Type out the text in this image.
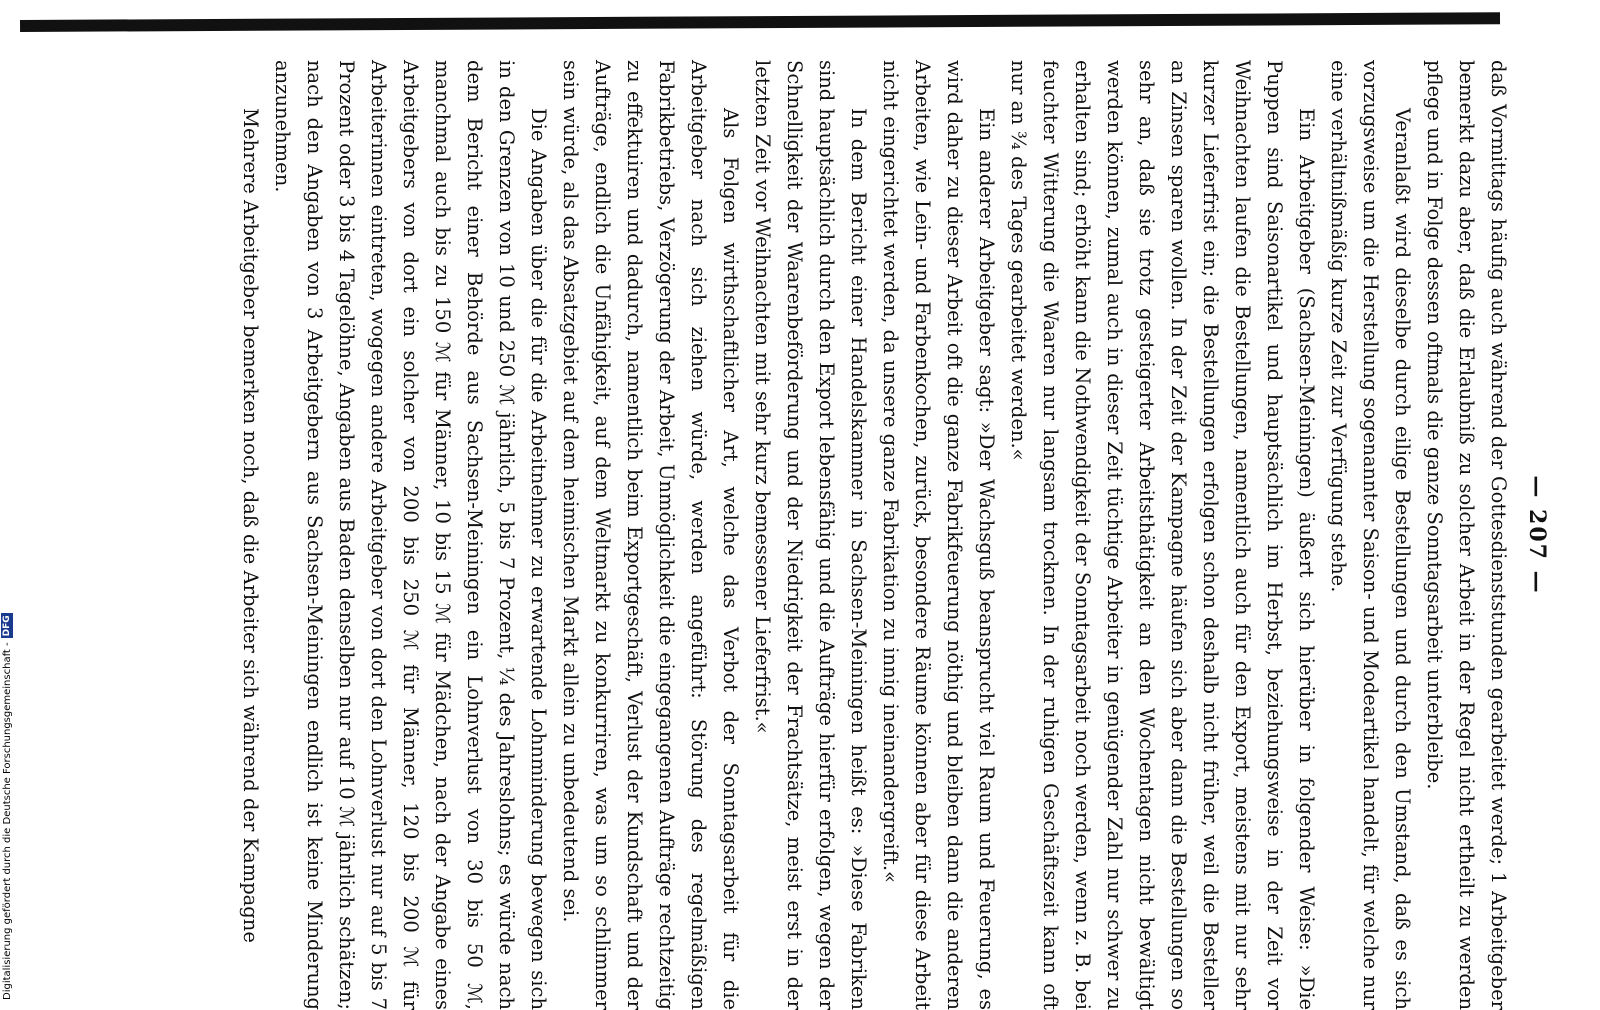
— 207 —

daß Vormittags häufig auch während der Gottesdienststunden gearbeitet werde; 1 Arbeitgeber bemerkt dazu aber, daß die Erlaubniß zu solcher Arbeit in der Regel nicht ertheilt zu werden pflege und in Folge dessen oftmals die ganze Sonntagsarbeit unterbleibe.

Veranlaßt wird dieselbe durch eilige Bestellungen und durch den Umstand, daß es sich vorzugsweise um die Herstellung sogenannter Saison- und Modeartikel handelt, für welche nur eine verhältnißmäßig kurze Zeit zur Verfügung stehe.

Ein Arbeitgeber (Sachsen-Meiningen) äußert sich hierüber in folgender Weise: »Die Puppen sind Saisonartikel und hauptsächlich im Herbst, beziehungsweise in der Zeit vor Weihnachten laufen die Bestellungen, namentlich auch für den Export, meistens mit nur sehr kurzer Lieferfrist ein; die Bestellungen erfolgen schon deshalb nicht früher, weil die Besteller an Zinsen sparen wollen. In der Zeit der Kampagne häufen sich aber dann die Bestellungen so sehr an, daß sie trotz gesteigerter Arbeitsthätigkeit an den Wochentagen nicht bewältigt werden können, zumal auch in dieser Zeit tüchtige Arbeiter in genügender Zahl nur schwer zu erhalten sind; erhöht kann die Nothwendigkeit der Sonntagsarbeit noch werden, wenn z. B. bei feuchter Witterung die Waaren nur langsam trocknen. In der ruhigen Geschäftszeit kann oft nur an ¾ des Tages gearbeitet werden.«

Ein anderer Arbeitgeber sagt: »Der Wachsguß beansprucht viel Raum und Feuerung, es wird daher zu dieser Arbeit oft die ganze Fabrikfeuerung nöthig und bleiben dann die anderen Arbeiten, wie Lein- und Farbenkochen, zurück, besondere Räume können aber für diese Arbeit nicht eingerichtet werden, da unsere ganze Fabrikation zu innig ineinandergreift.«

In dem Bericht einer Handelskammer in Sachsen-Meiningen heißt es: »Diese Fabriken sind hauptsächlich durch den Export lebensfähig und die Aufträge hierfür erfolgen, wegen der Schnelligkeit der Waarenbeförderung und der Niedrigkeit der Frachtsätze, meist erst in der letzten Zeit vor Weihnachten mit sehr kurz bemessener Lieferfrist.«

Als Folgen wirthschaftlicher Art, welche das Verbot der Sonntagsarbeit für die Arbeitgeber nach sich ziehen würde, werden angeführt: Störung des regelmäßigen Fabrikbetriebs, Verzögerung der Arbeit, Unmöglichkeit die eingegangenen Aufträge rechtzeitig zu effektuiren und dadurch, namentlich beim Exportgeschäft, Verlust der Kundschaft und der Aufträge, endlich die Unfähigkeit, auf dem Weltmarkt zu konkurriren, was um so schlimmer sein würde, als das Absatzgebiet auf dem heimischen Markt allein zu unbedeutend sei.

Die Angaben über die für die Arbeitnehmer zu erwartende Lohnminderung bewegen sich in den Grenzen von 10 und 250 ℳ jährlich, 5 bis 7 Prozent, ¼ des Jahreslohns; es würde nach dem Bericht einer Behörde aus Sachsen-Meiningen ein Lohnverlust von 30 bis 50 ℳ, manchmal auch bis zu 150 ℳ für Männer, 10 bis 15 ℳ für Mädchen, nach der Angabe eines Arbeitgebers von dort ein solcher von 200 bis 250 ℳ für Männer, 120 bis 200 ℳ für Arbeiterinnen eintreten, wogegen andere Arbeitgeber von dort den Lohnverlust nur auf 5 bis 7 Prozent oder 3 bis 4 Tagelöhne, Angaben aus Baden denselben nur auf 10 ℳ jährlich schätzen; nach den Angaben von 3 Arbeitgebern aus Sachsen-Meiningen endlich ist keine Minderung anzunehmen.

Mehrere Arbeitgeber bemerken noch, daß die Arbeiter sich während der Kampagne

Digitalisierung gefördert durch die Deutsche Forschungsgemeinschaft -
DFG
